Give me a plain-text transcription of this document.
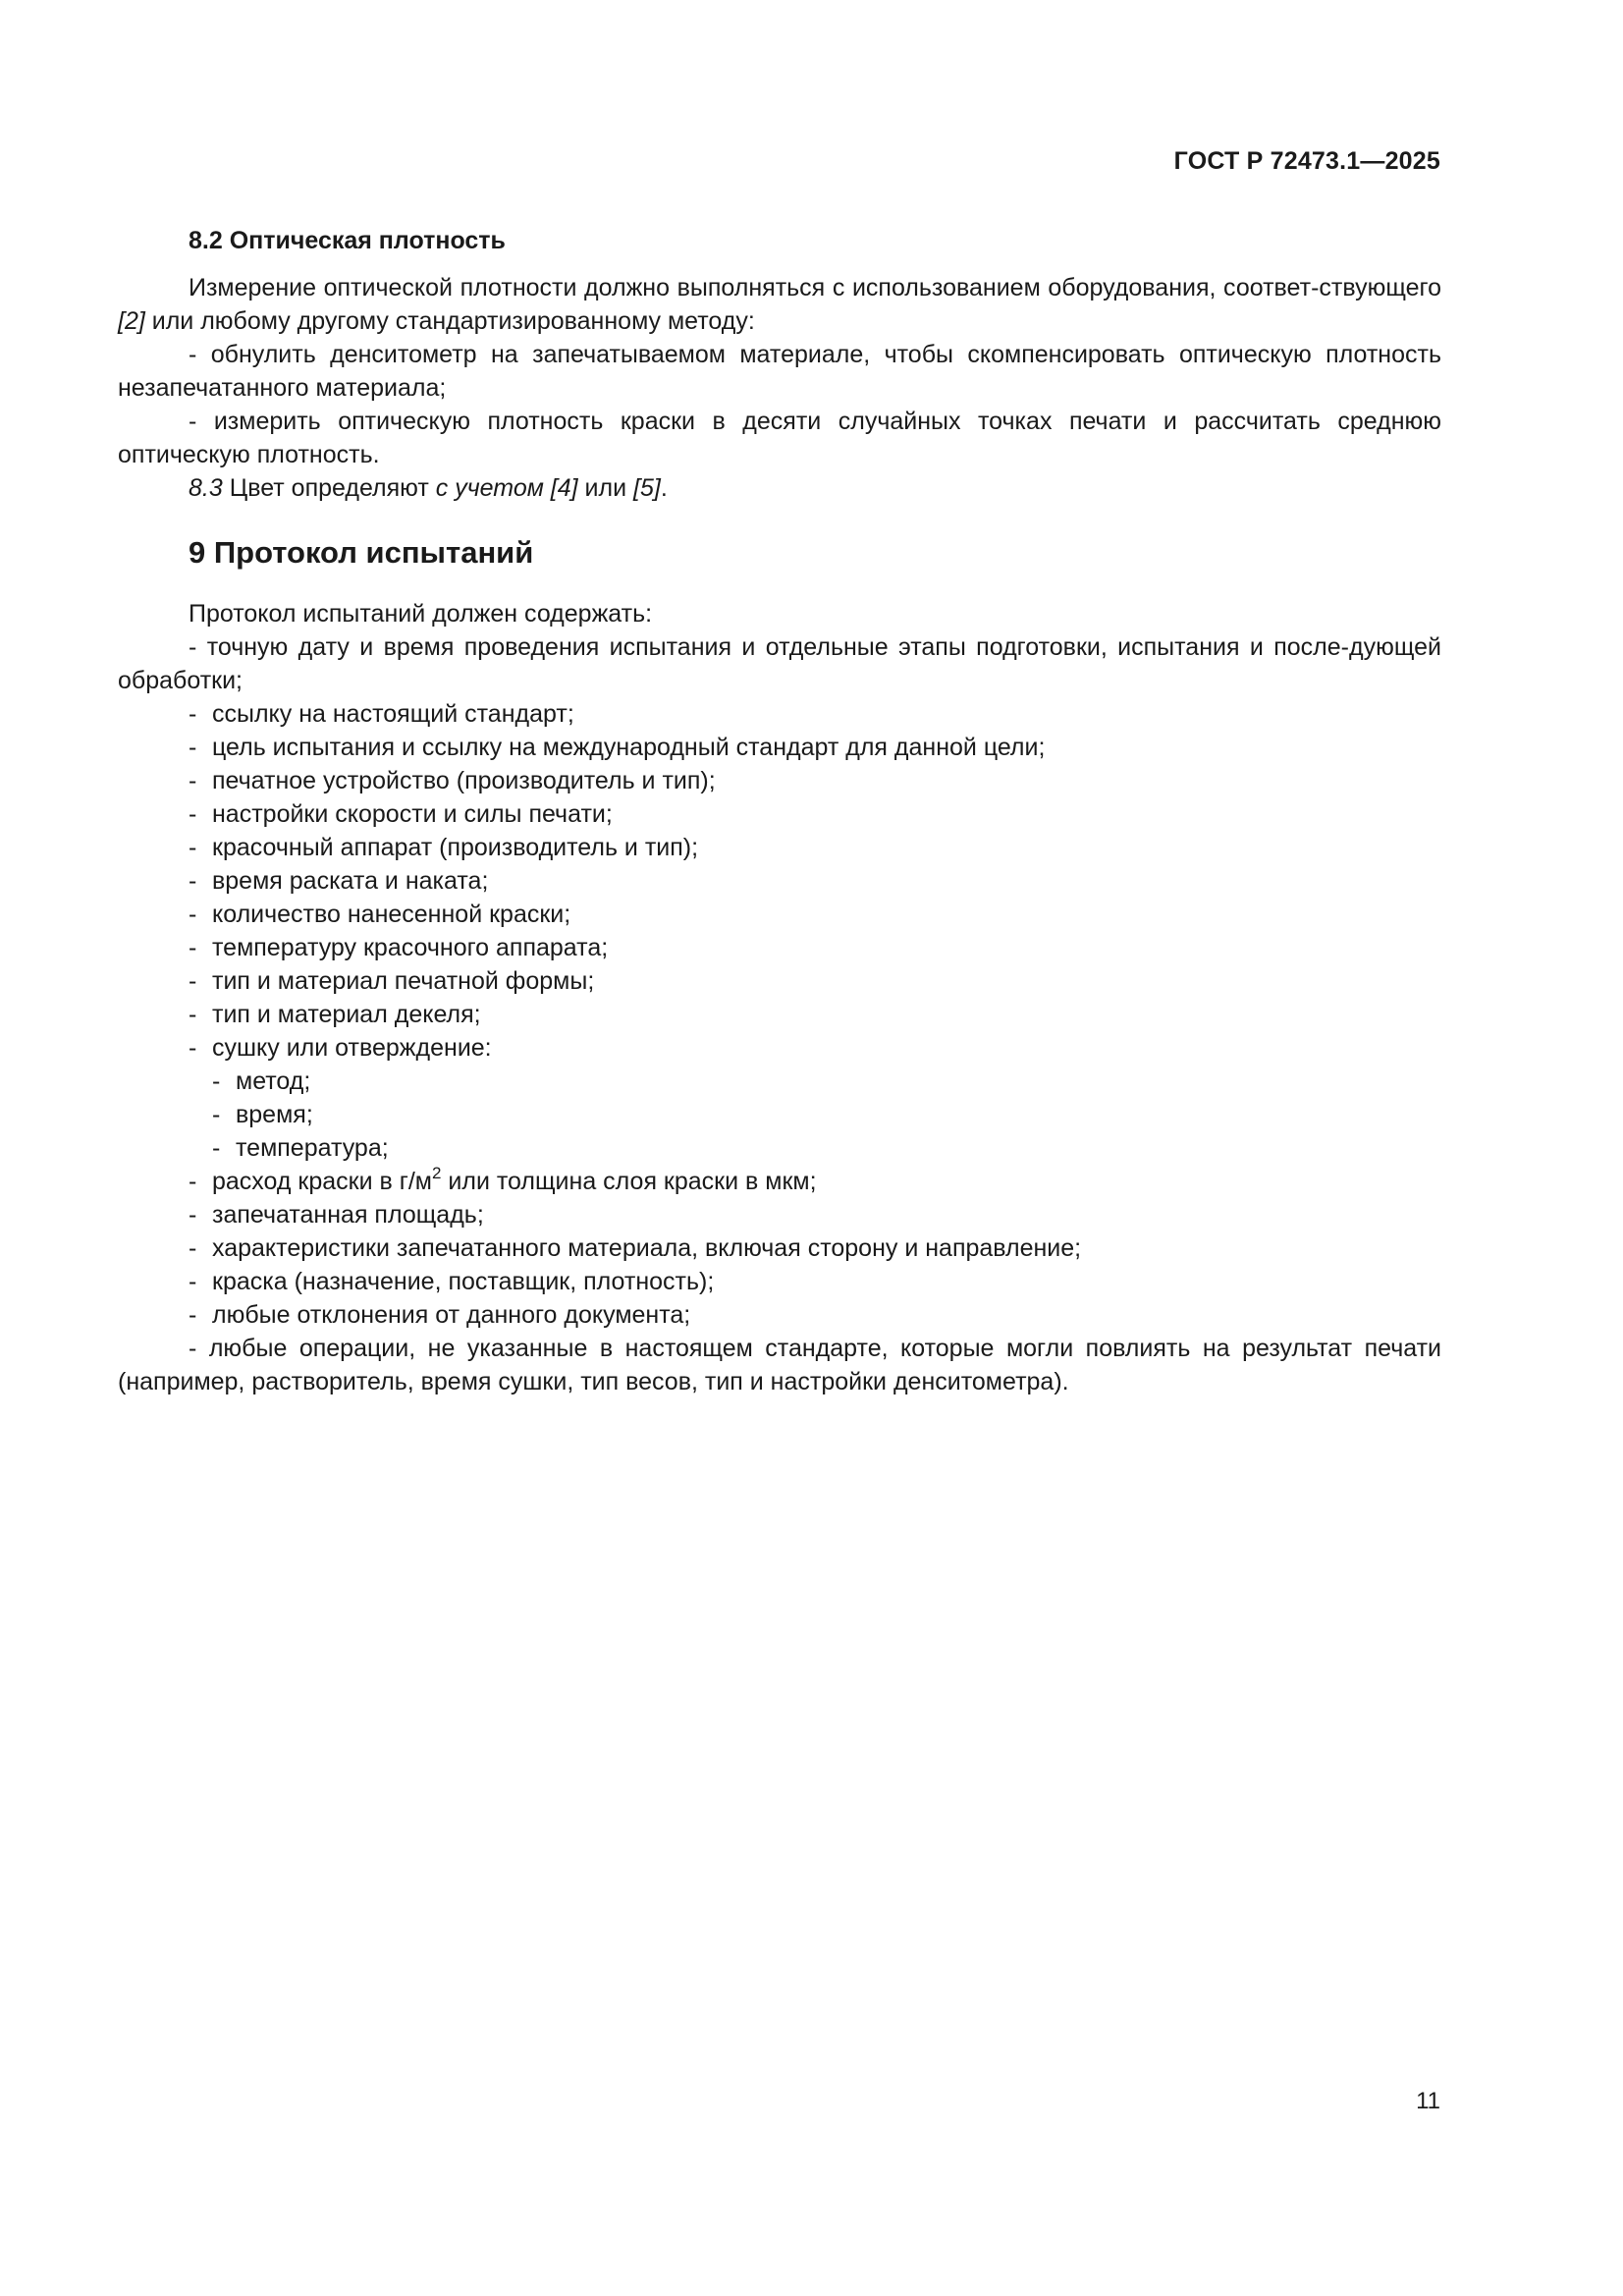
ГОСТ Р 72473.1—2025
8.2 Оптическая плотность

Измерение оптической плотности должно выполняться с использованием оборудования, соответ-ствующего [2] или любому другому стандартизированному методу:

- обнулить денситометр на запечатываемом материале, чтобы скомпенсировать оптическую плотность незапечатанного материала;

- измерить оптическую плотность краски в десяти случайных точках печати и рассчитать среднюю оптическую плотность.

8.3 Цвет определяют с учетом [4] или [5].

9 Протокол испытаний

Протокол испытаний должен содержать:

- точную дату и время проведения испытания и отдельные этапы подготовки, испытания и после-дующей обработки;

- ссылку на настоящий стандарт;
- цель испытания и ссылку на международный стандарт для данной цели;
- печатное устройство (производитель и тип);
- настройки скорости и силы печати;
- красочный аппарат (производитель и тип);
- время раската и наката;
- количество нанесенной краски;
- температуру красочного аппарата;
- тип и материал печатной формы;
- тип и материал декеля;
- сушку или отверждение:
- метод;
- время;
- температура;
- расход краски в $г/м^2$ или толщина слоя краски в мкм;
- запечатанная площадь;
- характеристики запечатанного материала, включая сторону и направление;
- краска (назначение, поставщик, плотность);
- любые отклонения от данного документа;

- любые операции, не указанные в настоящем стандарте, которые могли повлиять на результат печати (например, растворитель, время сушки, тип весов, тип и настройки денситометра).

11
